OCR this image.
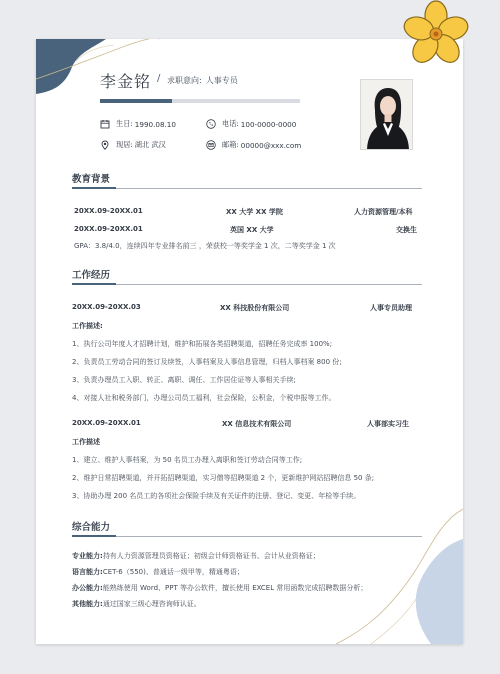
李金铭 / 求职意向: 人事专员
生日: 1990.08.10	电话: 100-0000-0000
现居: 湖北 武汉	邮箱: 00000@xxx.com
教育背景
20XX.09-20XX.01	XX 大学 XX 学院	人力资源管理/本科
20XX.09-20XX.01	英国 XX 大学	交换生
GPA：3.8/4.0，连续四年专业排名前三 ，荣获校一等奖学金 1 次，二等奖学金 1 次
工作经历
20XX.09-20XX.03	XX 科技股份有限公司	人事专员助理
工作描述:
1、执行公司年度人才招聘计划，维护和拓展各类招聘渠道，招聘任务完成率 100%;
2、负责员工劳动合同的签订及续签，人事档案及人事信息管理，归档人事档案 800 份;
3、负责办理员工入职、转正、离职、调任、工作居住证等人事相关手续;
4、对接人社和税务部门，办理公司员工福利，社会保险，公积金，个税申报等工作。
20XX.09-20XX.01	XX 信息技术有限公司	人事部实习生
工作描述
1、建立、维护人事档案，为 50 名员工办理入离职和签订劳动合同等工作;
2、维护日常招聘渠道，并开拓招聘渠道，实习僧等招聘渠道 2 个，更新维护网站招聘信息 50 条;
3、协助办理 200 名员工的各项社会保险手续及有关证件的注册、登记、变更、年检等手续。
综合能力
专业能力:持有人力资源管理员资格证；初级会计师资格证书、会计从业资格证；
语言能力:CET-6（550)、普通话一级甲等，精通粤语；
办公能力:能熟练使用 Word、PPT 等办公软件，擅长使用 EXCEL 常用函数完成招聘数据分析；
其他能力:通过国家三级心理咨询师认证。
